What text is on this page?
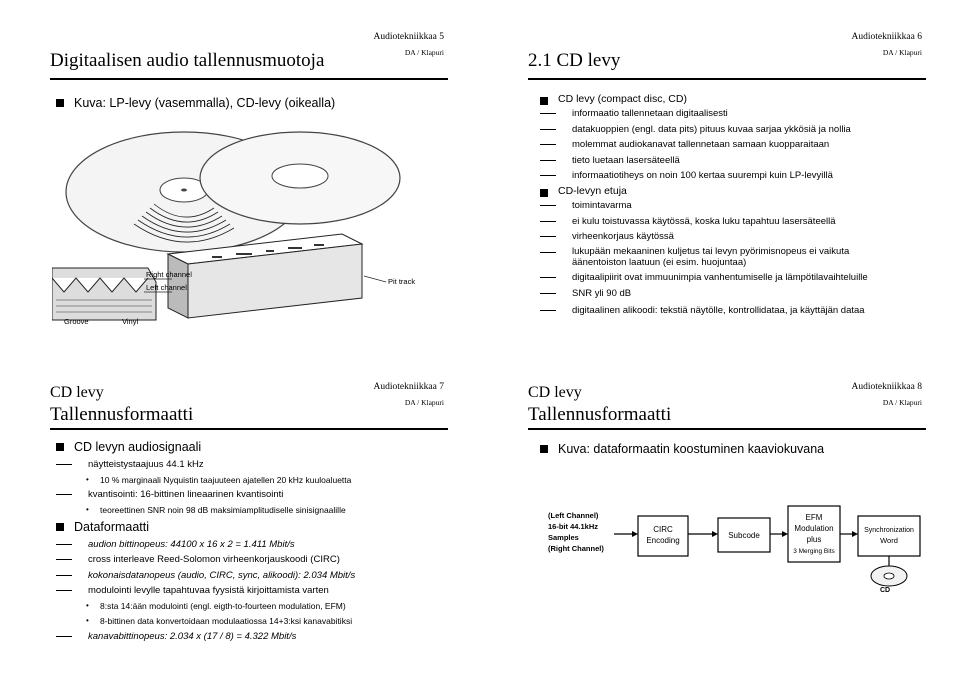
Digitaalisen audio tallennusmuotoja
Audiotekniikkaa 5
DA / Klapuri
Kuva: LP-levy (vasemmalla), CD-levy (oikealla)
Right channel
Left channel
Groove	Vinyl
Pit track
2.1 CD levy
Audiotekniikkaa 6
DA / Klapuri
CD levy (compact disc, CD)
informaatio tallennetaan digitaalisesti
datakuoppien (engl. data pits) pituus kuvaa sarjaa ykkösiä ja nollia
molemmat audiokanavat tallennetaan samaan kuopparaitaan
tieto luetaan lasersäteellä
informaatiotiheys on noin 100 kertaa suurempi kuin LP-levyillä
CD-levyn etuja
toimintavarma
ei kulu toistuvassa käytössä, koska luku tapahtuu lasersäteellä
virheenkorjaus käytössä
lukupään mekaaninen kuljetus tai levyn pyörimisnopeus ei vaikuta äänentoiston laatuun (ei esim. huojuntaa)
digitaalipiirit ovat immuunimpia vanhentumiselle ja lämpötilavaihteluille
SNR yli 90 dB
digitaalinen alikoodi: tekstiä näytölle, kontrollidataa, ja käyttäjän dataa
CD levy
Tallennusformaatti
Audiotekniikkaa 7
DA / Klapuri
CD levyn audiosignaali
näytteistystaajuus 44.1 kHz
• 10 % marginaali Nyquistin taajuuteen ajatellen 20 kHz kuuloaluetta
kvantisointi: 16-bittinen lineaarinen kvantisointi
• teoreettinen SNR noin 98 dB maksimiamplitudiselle sinisignaalille
Dataformaatti
audion bittinopeus: 44100 x 16 x 2 = 1.411 Mbit/s
cross interleave Reed-Solomon virheenkorjauskoodi (CIRC)
kokonaisdatanopeus (audio, CIRC, sync, alikoodi): 2.034 Mbit/s
modulointi levylle tapahtuvaa fyysistä kirjoittamista varten
• 8:sta 14:ään modulointi (engl. eigth-to-fourteen modulation, EFM)
• 8-bittinen data konvertoidaan modulaatiossa 14+3:ksi kanavabitiksi
kanavabittinopeus: 2.034 x (17 / 8) = 4.322 Mbit/s
CD levy
Tallennusformaatti
Audiotekniikkaa 8
DA / Klapuri
Kuva: dataformaatin koostuminen kaaviokuvana
(Left Channel)
16-bit 44.1kHz
Samples
(Right Channel)
CIRC
Encoding
Subcode
EFM
Modulation
plus
3 Merging Bits
Synchronization
Word
CD
